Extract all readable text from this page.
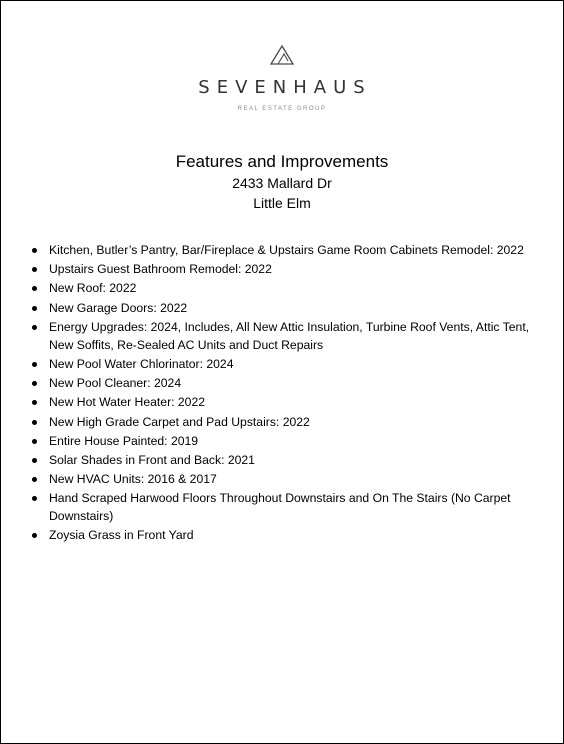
SEVENHAUS
REAL ESTATE GROUP
Features and Improvements
2433 Mallard Dr
Little Elm
Kitchen, Butler’s Pantry, Bar/Fireplace & Upstairs Game Room Cabinets Remodel: 2022
Upstairs Guest Bathroom Remodel: 2022
New Roof: 2022
New Garage Doors: 2022
Energy Upgrades: 2024, Includes, All New Attic Insulation, Turbine Roof Vents, Attic Tent, New Soffits, Re-Sealed AC Units and Duct Repairs
New Pool Water Chlorinator: 2024
New Pool Cleaner: 2024
New Hot Water Heater: 2022
New High Grade Carpet and Pad Upstairs: 2022
Entire House Painted: 2019
Solar Shades in Front and Back: 2021
New HVAC Units: 2016 & 2017
Hand Scraped Harwood Floors Throughout Downstairs and On The Stairs (No Carpet Downstairs)
Zoysia Grass in Front Yard
